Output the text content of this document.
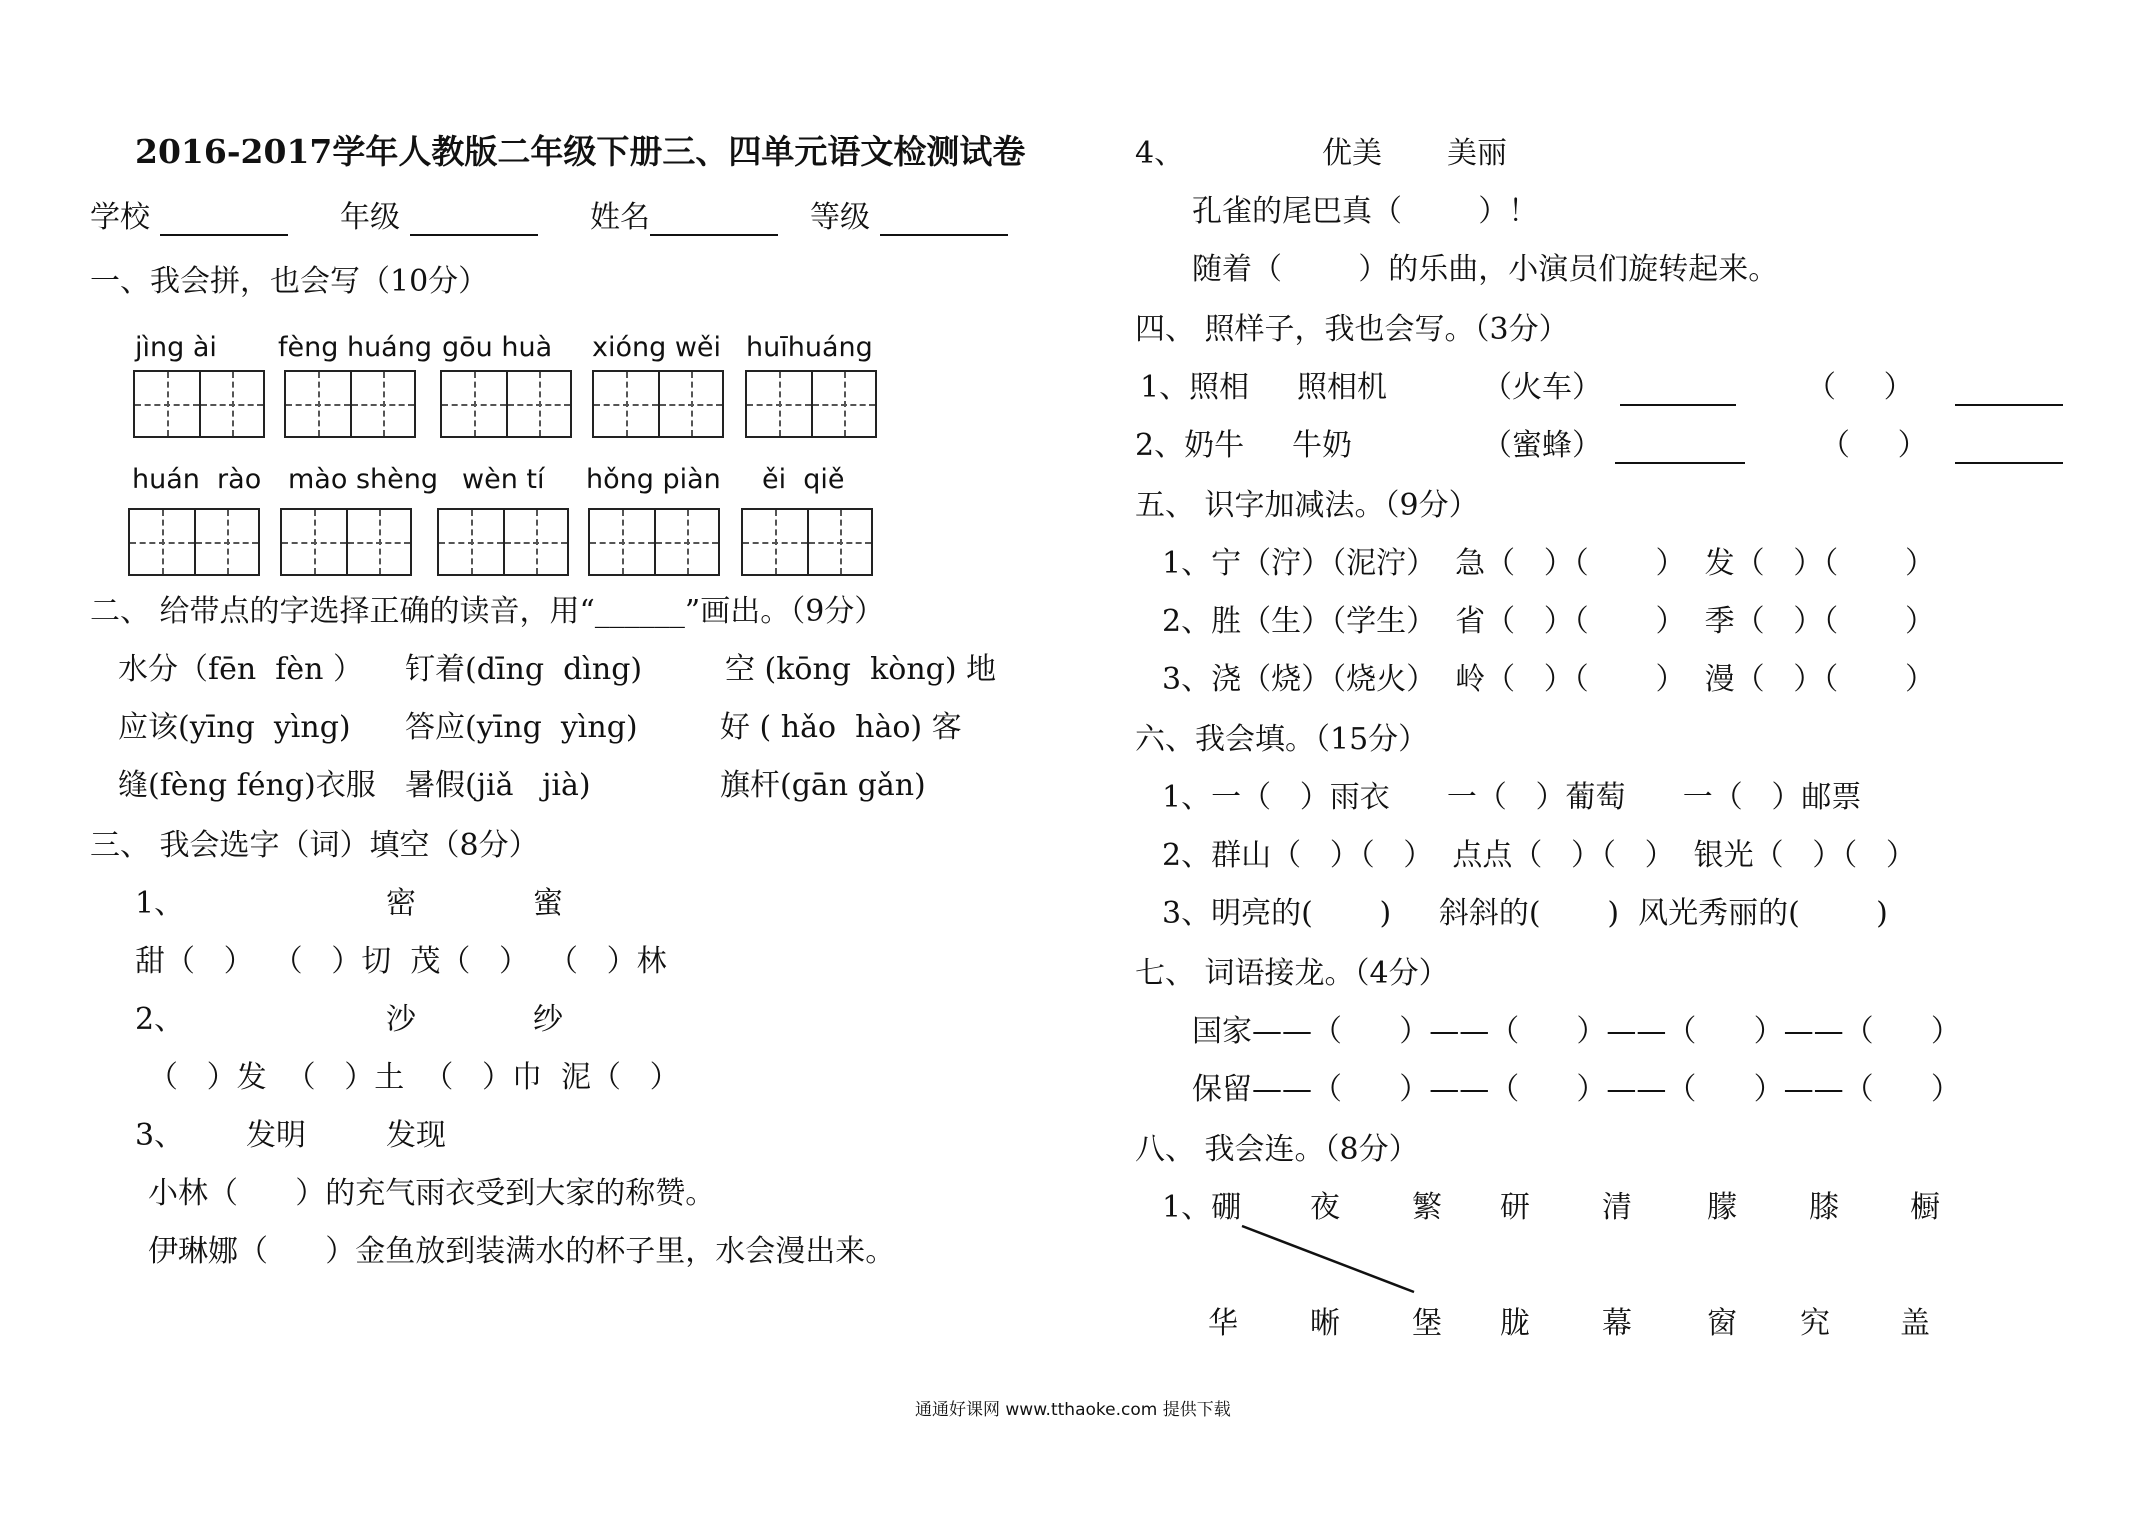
2016-2017学年人教版二年级下册三、四单元语文检测试卷
学校	年级	姓名	等级
一、我会拼，也会写（10分）
jìng ài fèng huáng gōu huà xióng wěi huīhuáng
huán  rào mào shèng wèn tí hǒng piàn ěi  qiě
二、 给带点的字选择正确的读音，用“______”画出。（9分）
水分（fēn  fèn ） 钉着(dīng  dìng)	空 (kōng  kòng) 地
应该(yīng  yìng) 答应(yīng  yìng)	好 ( hǎo  hào) 客
缝(fèng féng)衣服 暑假(jiǎ   jià)	旗杆(gān gǎn)
三、 我会选字（词）填空（8分）
1、	密	蜜
甜（   ）  （   ）切  茂（   ）  （   ）林
2、	沙	纱
（   ）发  （   ）土  （   ）巾  泥（   ）
3、 发明	发现
小林（      ）的充气雨衣受到大家的称赞。
伊琳娜（      ）金鱼放到装满水的杯子里，水会漫出来。
4、	优美 美丽
孔雀的尾巴真（        ）！
随着（        ）的乐曲，小演员们旋转起来。
四、 照样子，我也会写。（3分）
1、照相 照相机	（火车）	（     ）
2、奶牛 牛奶	（蜜蜂）	（     ）
五、 识字加减法。（9分）
1、宁（泞）（泥泞）  急（   ）（       ）  发（   ）（       ）
2、胜（生）（学生）  省（   ）（       ）  季（   ）（       ）
3、浇（烧）（烧火）  岭（   ）（       ）  漫（   ）（       ）
六、我会填。（15分）
1、一（   ）雨衣      一（   ）葡萄      一（   ）邮票
2、群山（   ）（   ）  点点（   ）（   ）  银光（   ）（   ）
3、明亮的(       )     斜斜的(       )  风光秀丽的(        )
七、 词语接龙。（4分）
国家——（      ）——（      ）——（      ）——（      ）
保留——（      ）——（      ）——（      ）——（      ）
八、 我会连。（8分）
1、硼 夜 繁 研 清	朦 膝 橱
华 晰 堡 胧 幕	窗 究 盖
通通好课网 www.tthaoke.com 提供下载
